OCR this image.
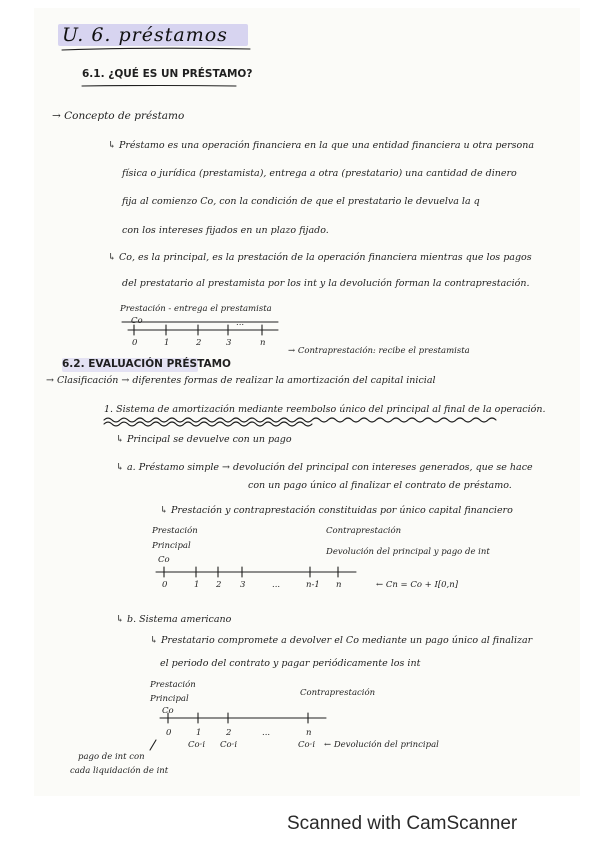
U. 6. préstamos
6.1. ¿QUÉ ES UN PRÉSTAMO?
→ Concepto de préstamo
↳ Préstamo es una operación financiera en la que una entidad financiera u otra persona
física o jurídica (prestamista), entrega a otra (prestatario) una cantidad de dinero
fija al comienzo Co, con la condición de que el prestatario le devuelva la q
con los intereses fijados en un plazo fijado.
↳ Co, es la principal, es la prestación de la operación financiera mientras que los pagos
del prestatario al prestamista por los int y la devolución forman la contraprestación.
Prestación - entrega el prestamista
Co
0	1	2	3
...
n
→ Contraprestación: recibe el prestamista
6.2. EVALUACIÓN PRÉSTAMO
→ Clasificación → diferentes formas de realizar la amortización del capital inicial
1. Sistema de amortización mediante reembolso único del principal al final de la operación.
↳ Principal se devuelve con un pago
↳ a. Préstamo simple → devolución del principal con intereses generados, que se hace
con un pago único al finalizar el contrato de préstamo.
↳ Prestación y contraprestación constituidas por único capital financiero
Prestación
Principal
Co
Contraprestación
Devolución del principal y pago de int
0	1 2 3	...	n-1 n	← Cn = Co + I[0,n]
↳ b. Sistema americano
↳ Prestatario compromete a devolver el Co mediante un pago único al finalizar
el periodo del contrato y pagar periódicamente los int
Prestación
Principal
Co
Contraprestación
0	1	2	...	n
Co·i Co·i	Co·i ← Devolución del principal
pago de int con
cada liquidación de int
Scanned with CamScanner
